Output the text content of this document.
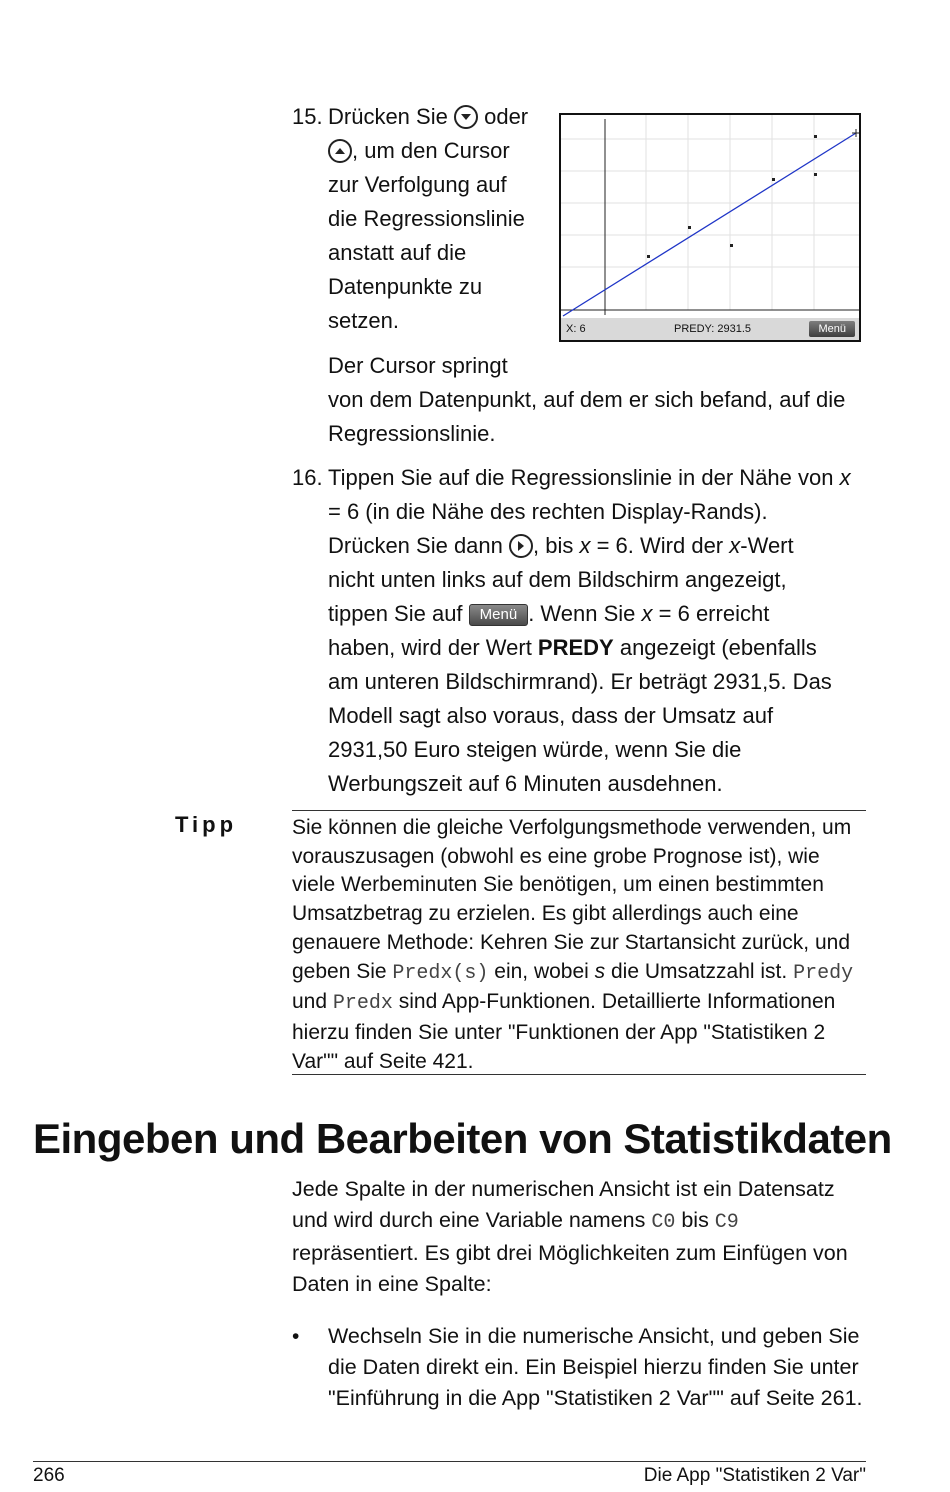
15. Drücken Sie oder
, um den Cursor
zur Verfolgung auf
die Regressionslinie
anstatt auf die
Datenpunkte zu
setzen.
Der Cursor springt
von dem Datenpunkt, auf dem er sich befand, auf die
Regressionslinie.
X: 6	PREDY: 2931.5	Menü
16. Tippen Sie auf die Regressionslinie in der Nähe von x
= 6 (in die Nähe des rechten Display-Rands).
Drücken Sie dann
, bis x = 6. Wird der x-Wert
nicht unten links auf dem Bildschirm angezeigt,
tippen Sie auf Menü . Wenn Sie x = 6 erreicht
haben, wird der Wert PREDY angezeigt (ebenfalls
am unteren Bildschirmrand). Er beträgt 2931,5. Das
Modell sagt also voraus, dass der Umsatz auf
2931,50 Euro steigen würde, wenn Sie die
Werbungszeit auf 6 Minuten ausdehnen.
Tipp	Sie können die gleiche Verfolgungsmethode verwenden, um vorauszusagen (obwohl es eine grobe Prognose ist), wie viele Werbeminuten Sie benötigen, um einen bestimmten Umsatzbetrag zu erzielen. Es gibt allerdings auch eine genauere Methode: Kehren Sie zur Startansicht zurück, und geben Sie Predx(s) ein, wobei s die Umsatzzahl ist. Predy und Predx sind App-Funktionen. Detaillierte Informationen hierzu finden Sie unter "Funktionen der App "Statistiken 2 Var"" auf Seite 421.
Eingeben und Bearbeiten von Statistikdaten
Jede Spalte in der numerischen Ansicht ist ein Datensatz und wird durch eine Variable namens C0 bis C9 repräsentiert. Es gibt drei Möglichkeiten zum Einfügen von Daten in eine Spalte:
• Wechseln Sie in die numerische Ansicht, und geben Sie die Daten direkt ein. Ein Beispiel hierzu finden Sie unter "Einführung in die App "Statistiken 2 Var"" auf Seite 261.
266	Die App "Statistiken 2 Var"
